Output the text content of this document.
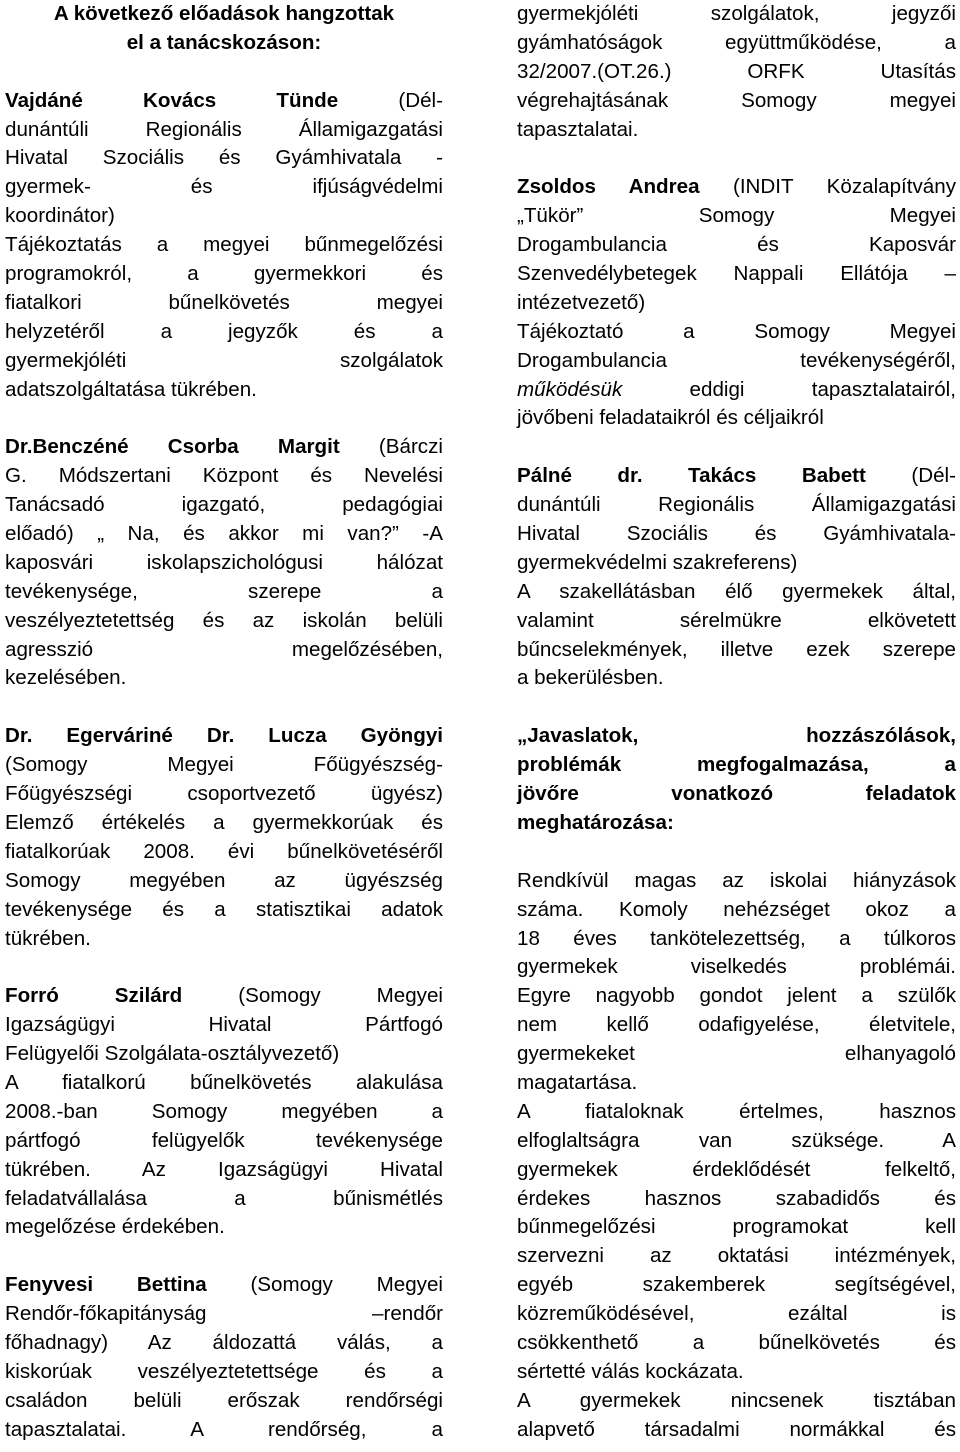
A következő előadások hangzottak
el a tanácskozáson:
Vajdáné Kovács Tünde	(Dél-
dunántúli Regionális Államigazgatási
Hivatal Szociális és Gyámhivatala -
gyermek- és ifjúságvédelmi
koordinátor)
Tájékoztatás a megyei bűnmegelőzési
programokról, a gyermekkori és
fiatalkori bűnelkövetés megyei
helyzetéről a jegyzők és a
gyermekjóléti szolgálatok
adatszolgáltatása tükrében.
Dr.Benczéné Csorba Margit (Bárczi
G. Módszertani Központ és Nevelési
Tanácsadó igazgató, pedagógiai
előadó) „ Na, és akkor mi van?” -A
kaposvári iskolapszichológusi hálózat
tevékenysége, szerepe a
veszélyeztetettség és az iskolán belüli
agresszió megelőzésében,
kezelésében.
Dr. Egerváriné Dr. Lucza Gyöngyi
(Somogy Megyei Főügyészség-
Főügyészségi csoportvezető ügyész)
Elemző értékelés a gyermekkorúak és
fiatalkorúak 2008. évi bűnelkövetéséről
Somogy megyében az ügyészség
tevékenysége és a statisztikai adatok
tükrében.
Forró Szilárd	(Somogy Megyei
Igazságügyi Hivatal Pártfogó
Felügyelői Szolgálata-osztályvezető)
A fiatalkorú bűnelkövetés alakulása
2008.-ban Somogy megyében a
pártfogó felügyelők tevékenysége
tükrében. Az Igazságügyi Hivatal
feladatvállalása a bűnismétlés
megelőzése érdekében.
Fenyvesi Bettina (Somogy Megyei
Rendőr-főkapitányság –rendőr
főhadnagy) Az áldozattá válás, a
kiskorúak veszélyeztetettsége és a
családon belüli erőszak rendőrségi
tapasztalatai. A rendőrség, a
gyermekjóléti szolgálatok, jegyzői
gyámhatóságok együttműködése, a
32/2007.(OT.26.) ORFK Utasítás
végrehajtásának Somogy megyei
tapasztalatai.
Zsoldos Andrea (INDIT Közalapítvány
„Tükör” Somogy Megyei
Drogambulancia és Kaposvár
Szenvedélybetegek Nappali Ellátója –
intézetvezető)
Tájékoztató a Somogy Megyei
Drogambulancia tevékenységéről,
működésük	eddigi tapasztalatairól,
jövőbeni feladataikról és céljaikról
Pálné dr. Takács Babett (Dél-
dunántúli Regionális Államigazgatási
Hivatal Szociális és Gyámhivatala-
gyermekvédelmi szakreferens)
A szakellátásban élő gyermekek által,
valamint sérelmükre elkövetett
bűncselekmények, illetve ezek szerepe
a bekerülésben.
„Javaslatok, hozzászólások,
problémák megfogalmazása, a
jövőre vonatkozó feladatok
meghatározása:
Rendkívül magas az iskolai hiányzások
száma. Komoly nehézséget okoz a
18 éves tankötelezettség, a túlkoros
gyermekek viselkedés problémái.
Egyre nagyobb gondot jelent a szülők
nem kellő odafigyelése, életvitele,
gyermekeket elhanyagoló
magatartása.
A fiataloknak értelmes, hasznos
elfoglaltságra van szüksége. A
gyermekek érdeklődését felkeltő,
érdekes hasznos szabadidős és
bűnmegelőzési programokat kell
szervezni az oktatási intézmények,
egyéb szakemberek segítségével,
közreműködésével, ezáltal is
csökkenthető a bűnelkövetés és
sértetté válás kockázata.
A gyermekek nincsenek tisztában
alapvető társadalmi normákkal és
